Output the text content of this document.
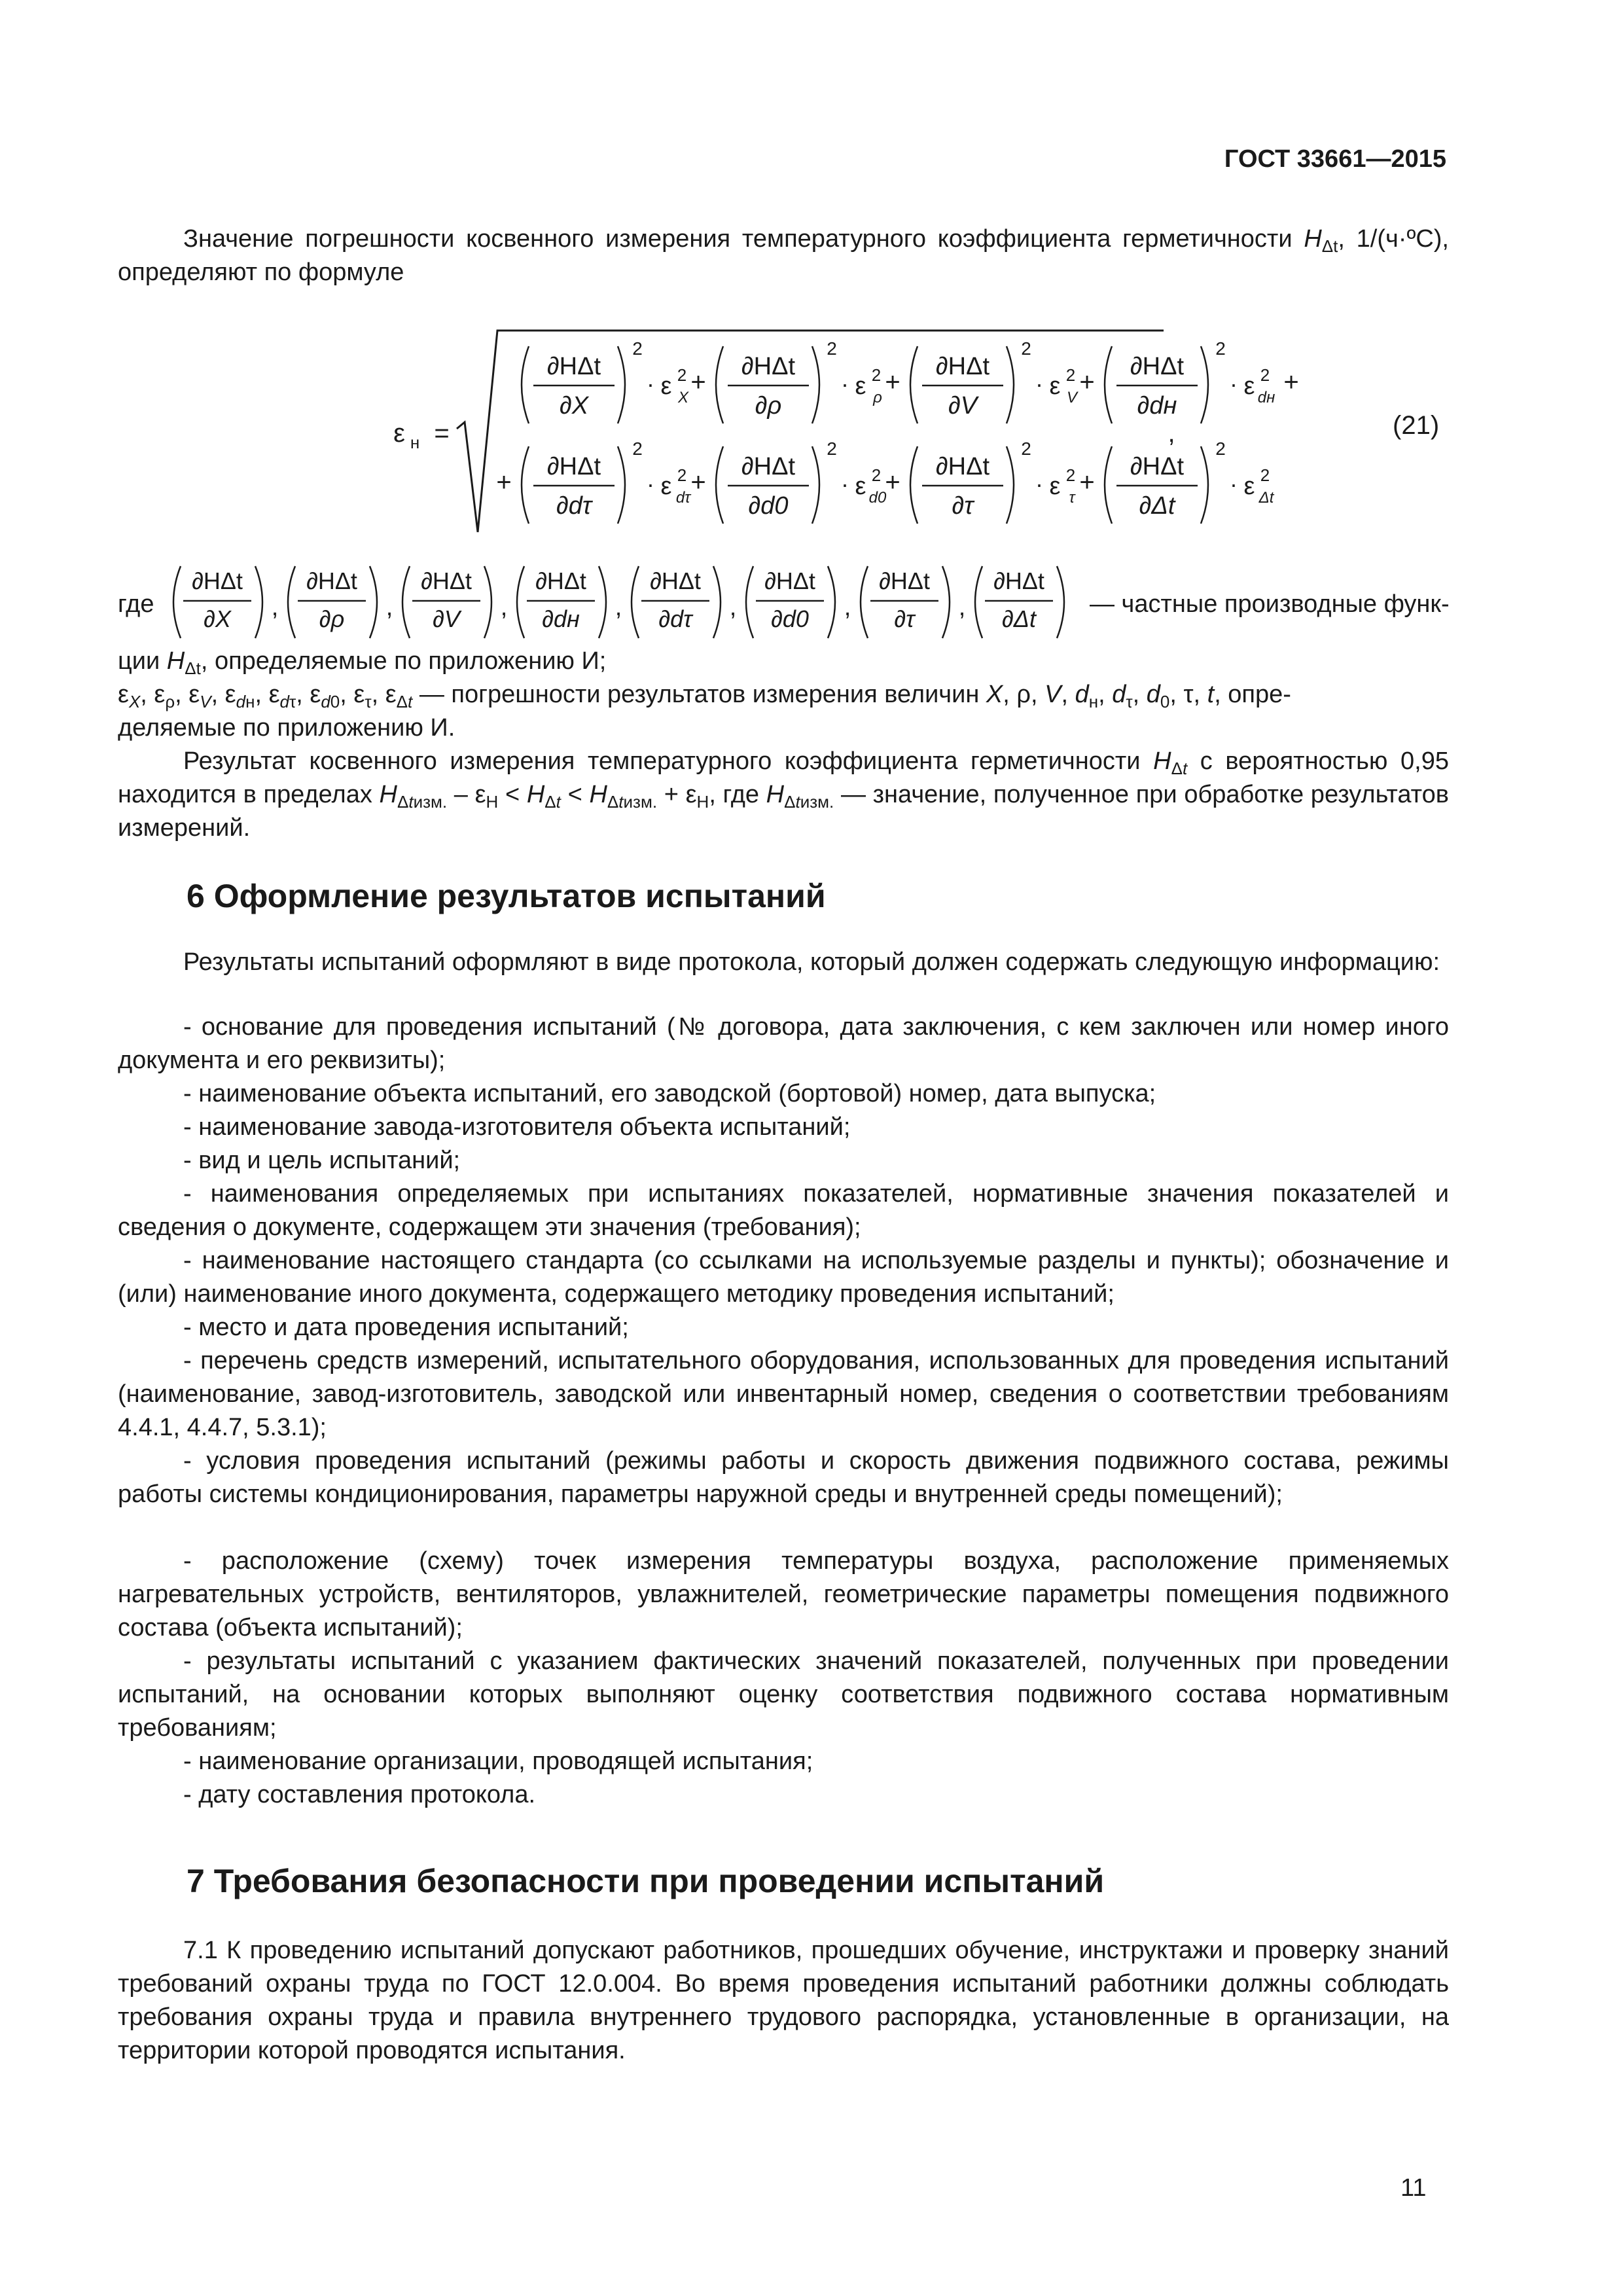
ГОСТ 33661—2015

Значение погрешности косвенного измерения температурного коэффициента герметичности $H_{\Delta t}$, 1/(ч·ºС), определяют по формуле

ε н =	,
∂HΔt
∂X
2
· ε 2
X
+
∂HΔt
∂ρ
2
· ε 2
ρ
+
∂HΔt
∂V
2
· ε 2
V
+
∂HΔt
∂dн
2
· ε 2
dн
+
+
∂HΔt
∂dτ
2
· ε 2
dτ
+
∂HΔt
∂d0
2
· ε 2
d0
+
∂HΔt
∂τ
2
· ε 2
τ
+
∂HΔt
∂Δt
2
· ε 2
Δt
(21)
где
∂HΔt
∂X ,
∂HΔt
∂ρ ,
∂HΔt
∂V ,
∂HΔt
∂dн ,
∂HΔt
∂dτ ,
∂HΔt
∂d0 ,
∂HΔt
∂τ ,
∂HΔt
∂Δt
— частные производные функ-

ции $H_{\Delta t}$, определяемые по приложению И;

$\varepsilon_X$, $\varepsilon_\rho$, $\varepsilon_V$, $\varepsilon_{dн}$, $\varepsilon_{d\tau}$, $\varepsilon_{d0}$, $\varepsilon_\tau$, $\varepsilon_{\Delta t}$ — погрешности результатов измерения величин X, ρ, V, $d_н$, $d_\tau$, $d_0$, τ, t, опре-

деляемые по приложению И.

Результат косвенного измерения температурного коэффициента герметичности $H_{\Delta t}$ с вероятностью 0,95 находится в пределах $H_{\Delta tизм.} - \varepsilon_Н < H_{\Delta t} < H_{\Delta tизм.} + \varepsilon_Н$, где $H_{\Delta tизм.}$ — значение, полученное при обработке результатов измерений.

6 Оформление результатов испытаний

Результаты испытаний оформляют в виде протокола, который должен содержать следующую информацию:

- основание для проведения испытаний (№ договора, дата заключения, с кем заключен или номер иного документа и его реквизиты);

- наименование объекта испытаний, его заводской (бортовой) номер, дата выпуска;

- наименование завода-изготовителя объекта испытаний;

- вид и цель испытаний;

- наименования определяемых при испытаниях показателей, нормативные значения показателей и сведения о документе, содержащем эти значения (требования);

- наименование настоящего стандарта (со ссылками на используемые разделы и пункты); обозначение и (или) наименование иного документа, содержащего методику проведения испытаний;

- место и дата проведения испытаний;

- перечень средств измерений, испытательного оборудования, использованных для проведения испытаний (наименование, завод-изготовитель, заводской или инвентарный номер, сведения о соответствии требованиям 4.4.1, 4.4.7, 5.3.1);

- условия проведения испытаний (режимы работы и скорость движения подвижного состава, режимы работы системы кондиционирования, параметры наружной среды и внутренней среды помещений);

- расположение (схему) точек измерения температуры воздуха, расположение применяемых нагревательных устройств, вентиляторов, увлажнителей, геометрические параметры помещения подвижного состава (объекта испытаний);

- результаты испытаний с указанием фактических значений показателей, полученных при проведении испытаний, на основании которых выполняют оценку соответствия подвижного состава нормативным требованиям;

- наименование организации, проводящей испытания;

- дату составления протокола.

7 Требования безопасности при проведении испытаний

7.1 К проведению испытаний допускают работников, прошедших обучение, инструктажи и проверку знаний требований охраны труда по ГОСТ 12.0.004. Во время проведения испытаний работники должны соблюдать требования охраны труда и правила внутреннего трудового распорядка, установленные в организации, на территории которой проводятся испытания.

11
